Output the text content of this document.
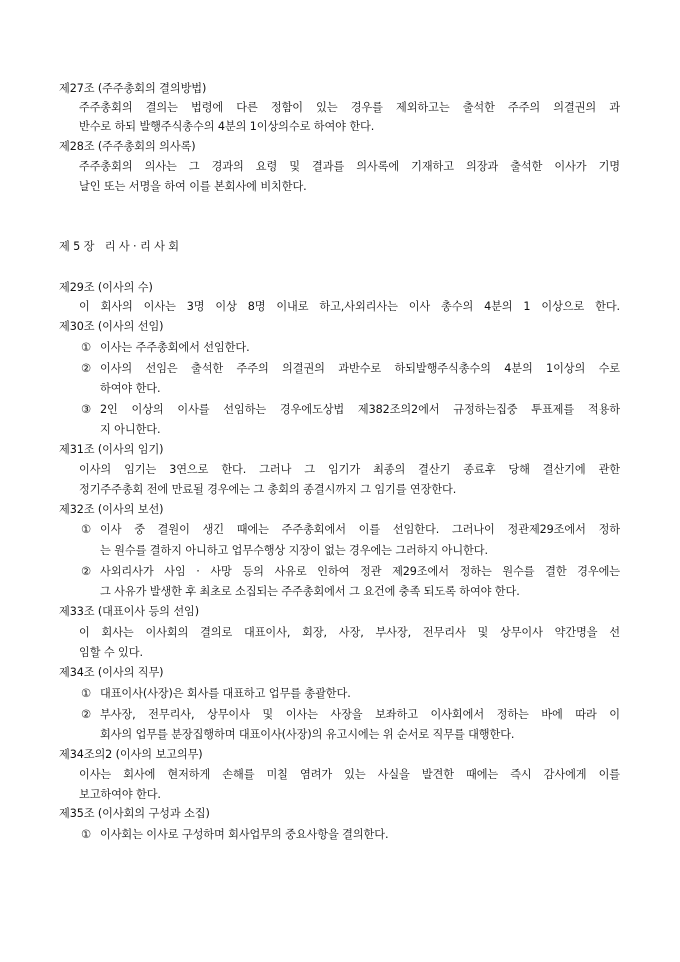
제27조 (주주총회의 결의방법)
주주총회의 결의는 법령에 다른 정함이 있는 경우를 제외하고는 출석한 주주의 의결권의 과
반수로 하되 발행주식총수의 4분의 1이상의수로 하여야 한다.
제28조 (주주총회의 의사록)
주주총회의 의사는 그 경과의 요령 및 결과를 의사록에 기재하고 의장과 출석한 이사가 기명
날인 또는 서명을 하여 이를 본회사에 비치한다.
제 5 장   리 사 · 리 사 회
제29조 (이사의 수)
이 회사의 이사는 3명 이상 8명 이내로 하고,사외리사는 이사 총수의 4분의 1 이상으로 한다.
제30조 (이사의 선임)
① 이사는 주주총회에서 선임한다.
② 이사의 선임은 출석한 주주의 의결권의 과반수로 하되발행주식총수의 4분의 1이상의 수로
하여야 한다.
③ 2인 이상의 이사를 선임하는 경우에도상법 제382조의2에서 규정하는집중 투표제를 적용하
지 아니한다.
제31조 (이사의 임기)
이사의 임기는 3연으로 한다. 그러나 그 임기가 최종의 결산기 종료후 당해 결산기에 관한
정기주주총회 전에 만료될 경우에는 그 총회의 종결시까지 그 임기를 연장한다.
제32조 (이사의 보선)
① 이사 중 결원이 생긴 때에는 주주총회에서 이를 선임한다. 그러나이 정관제29조에서 정하
는 원수를 결하지 아니하고 업무수행상 지장이 없는 경우에는 그러하지 아니한다.
② 사외리사가 사임 · 사망 등의 사유로 인하여 정관 제29조에서 정하는 원수를 결한 경우에는
그 사유가 발생한 후 최초로 소집되는 주주총회에서 그 요건에 충족 되도록 하여야 한다.
제33조 (대표이사 등의 선임)
이 회사는 이사회의 결의로 대표이사, 회장, 사장, 부사장, 전무리사 및 상무이사 약간명을 선
임할 수 있다.
제34조 (이사의 직무)
① 대표이사(사장)은 회사를 대표하고 업무를 총괄한다.
② 부사장, 전무리사, 상무이사 및 이사는 사장을 보좌하고 이사회에서 정하는 바에 따라 이
회사의 업무를 분장집행하며 대표이사(사장)의 유고시에는 위 순서로 직무를 대행한다.
제34조의2 (이사의 보고의무)
이사는 회사에 현저하게 손해를 미칠 염려가 있는 사실을 발견한 때에는 즉시 감사에게 이를
보고하여야 한다.
제35조 (이사회의 구성과 소집)
① 이사회는 이사로 구성하며 회사업무의 중요사항을 결의한다.
